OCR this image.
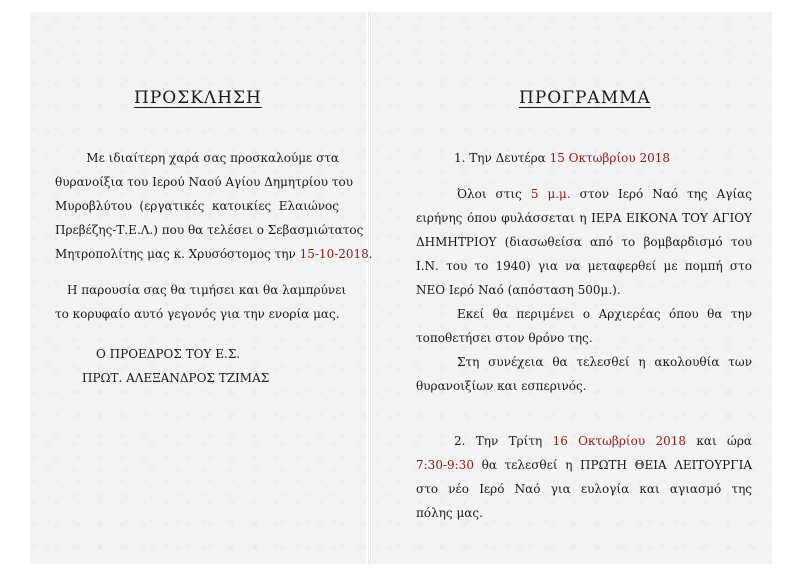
ΠΡΟΣΚΛΗΣΗ
Με ιδιαίτερη χαρά σας προσκαλούμε στα
θυρανοίξια του Ιερού Ναού Αγίου Δημητρίου του
Μυροβλύτου (εργατικές κατοικίες Ελαιώνος
Πρεβέζης-Τ.Ε.Λ.) που θα τελέσει ο Σεβασμιώτατος
Μητροπολίτης μας κ. Χρυσόστομος την 15-10-2018.
Η παρουσία σας θα τιμήσει και θα λαμπρύνει
το κορυφαίο αυτό γεγονός για την ενορία μας.
Ο ΠΡΟΕΔΡΟΣ ΤΟΥ Ε.Σ.
ΠΡΩΤ. ΑΛΕΞΑΝΔΡΟΣ ΤΖΙΜΑΣ
ΠΡΟΓΡΑΜΜΑ
1. Την Δευτέρα 15 Οκτωβρίου 2018
Όλοι στις 5 μ.μ. στον Ιερό Ναό της Αγίας
ειρήνης όπου φυλάσσεται η ΙΕΡΑ ΕΙΚΟΝΑ ΤΟΥ ΑΓΙΟΥ
ΔΗΜΗΤΡΙΟΥ (διασωθείσα από το βομβαρδισμό του
Ι.Ν. του το 1940) για να μεταφερθεί με πομπή στο
ΝΕΟ Ιερό Ναό (απόσταση 500μ.).
Εκεί θα περιμένει ο Αρχιερέας όπου θα την
τοποθετήσει στον θρόνο της.
Στη συνέχεια θα τελεσθεί η ακολουθία των
θυρανοιξίων και εσπερινός.
2. Την Τρίτη 16 Οκτωβρίου 2018 και ώρα
7:30-9:30 θα τελεσθεί η ΠΡΩΤΗ ΘΕΙΑ ΛΕΙΤΟΥΡΓΙΑ
στο νέο Ιερό Ναό για ευλογία και αγιασμό της
πόλης μας.
